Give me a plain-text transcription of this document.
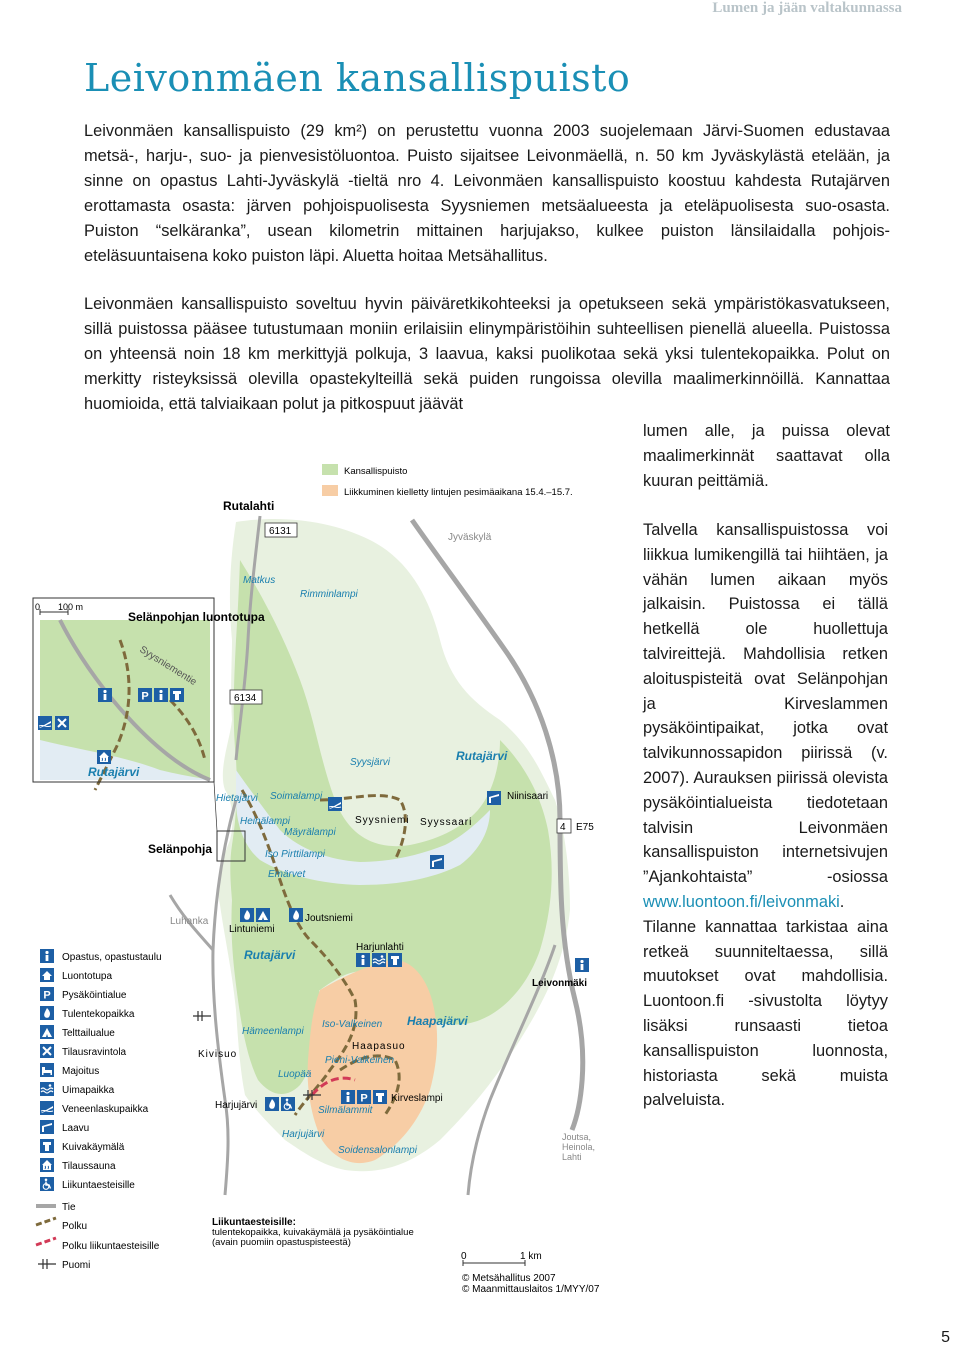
Lumen ja jään valtakunnassa
Leivonmäen kansallispuisto

Leivonmäen kansallispuisto (29 km²) on perustettu vuonna 2003 suojelemaan Järvi-Suomen edustavaa metsä-, harju-, suo- ja pienvesistöluontoa. Puisto sijaitsee Leivonmäellä, n. 50 km Jyväskylästä etelään, ja sinne on opastus Lahti-Jyväskylä -tieltä nro 4. Leivonmäen kansallispuisto koostuu kahdesta Rutajärven erottamasta osasta: järven pohjoispuolisesta Syysniemen metsäalueesta ja eteläpuolisesta suo-osasta. Puiston “selkäranka”, usean kilometrin mittainen harjujakso, kulkee puiston länsilaidalla pohjois-eteläsuuntaisena koko puiston läpi. Aluetta hoitaa Metsähallitus.

Leivonmäen kansallispuisto soveltuu hyvin päiväretkikohteeksi ja opetukseen sekä ympäristökasvatukseen, sillä puistossa pääsee tutustumaan moniin erilaisiin elinympäristöihin suhteellisen pienellä alueella. Puistossa on yhteensä noin 18 km merkittyjä polkuja, 3 laavua, kaksi puolikotaa sekä yksi tulentekopaikka. Polut on merkitty risteyksissä olevilla opastekylteillä sekä puiden rungoissa olevilla maalimerkinnöillä. Kannattaa huomioida, että talviaikaan polut ja pitkospuut jäävät

lumen alle, ja puissa olevat maalimerkinnät saattavat olla kuuran peittämiä.

Talvella kansallispuistossa voi liikkua lumikengillä tai hiihtäen, ja vähän lumen aikaan myös jalkaisin. Puistossa ei tällä hetkellä ole huollettuja talvireittejä. Mahdollisia retken aloituspisteitä ovat Selänpohjan ja Kirveslammen pysäköintipaikat, jotka ovat talvikunnossapidon piirissä (v. 2007). Aurauksen piirissä olevista pysäköintialueista tiedotetaan talvisin Leivonmäen kansallispuiston internetsivujen ”Ajankohtaista” -osiossa www.luontoon.fi/leivonmaki. Tilanne kannattaa tarkistaa aina retkeä suunniteltaessa, sillä muutokset ovat mahdollisia. Luontoon.fi -sivustolta löytyy lisäksi runsaasti tietoa kansallispuiston luonnosta, historiasta sekä muista palveluista.

5
P
Kansallispuisto
Liikkuminen kielletty lintujen pesimäaikana 15.4.–15.7.
0 100 m
Selänpohjan luontotupa
Syysniementie
Rutajärvi
Rutalahti
6131
Jyväskylä
Matkus
Rimminlampi
6134
Syysjärvi	Rutajärvi
Niinisaari
4 E75
Hietajärvi Soimalampi
Syysniemi Syyssaari
Heinälampi
Mäyrälampi
Selänpohja	Iso Pirttilampi
Emärvet
Luhanka
Lintuniemi
Joutsniemi
Harjunlahti
Rutajärvi
Leivonmäki
Iso-Valkeinen Haapajärvi
Hämeenlampi
Haapasuo
Kivisuo
Pieni-Valkeinen
Luopää
Kirveslampi
Harjujärvi	Silmälammit
Harjujärvi
Soidensalonlampi
Joutsa,
Heinola,
Lahti
Opastus, opastustaulu
Luontotupa
Pysäköintialue
Tulentekopaikka
Telttailualue
Tilausravintola
Majoitus
Uimapaikka
Veneenlaskupaikka
Laavu
Kuivakäymälä
Tilaussauna
Liikuntaesteisille
Tie
Polku
Polku liikuntaesteisille
Puomi
Liikuntaesteisille:
tulentekopaikka, kuivakäymälä ja pysäköintialue
(avain puomiin opastuspisteestä)
0	1 km
© Metsähallitus 2007
© Maanmittauslaitos 1/MYY/07
